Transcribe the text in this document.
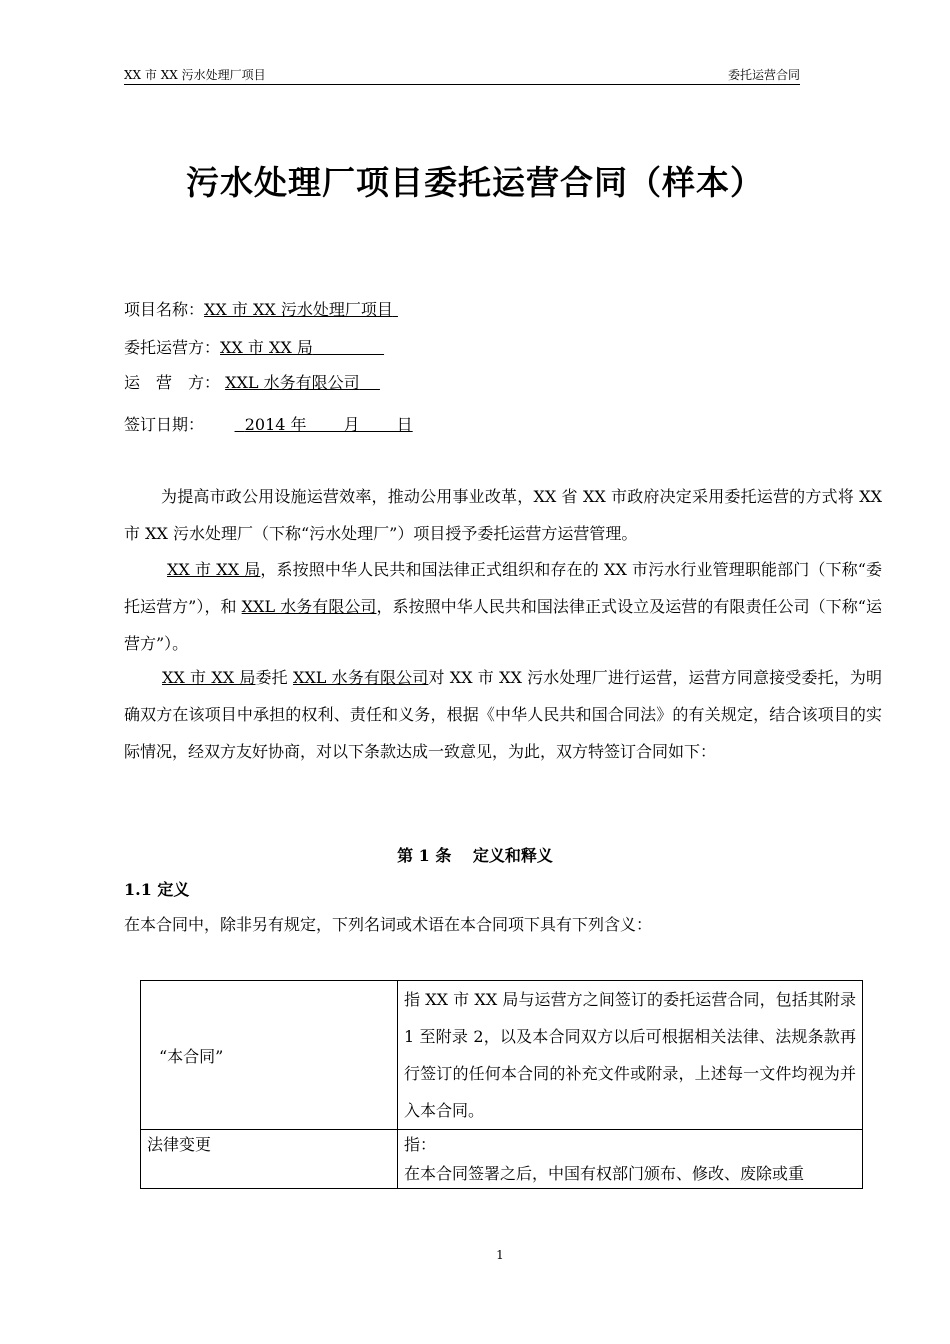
XX 市 XX 污水处理厂项目	委托运营合同
污水处理厂项目委托运营合同（样本）
项目名称：XX 市 XX 污水处理厂项目
委托运营方：XX 市 XX 局
运　营　方： XXL 水务有限公司
签订日期：	2014 年　　 月　　 日
为提高市政公用设施运营效率，推动公用事业改革，XX 省 XX 市政府决定采用委托运营的方式将 XX 市 XX 污水处理厂（下称“污水处理厂”）项目授予委托运营方运营管理。
XX 市 XX 局，系按照中华人民共和国法律正式组织和存在的 XX 市污水行业管理职能部门（下称“委托运营方”），和 XXL 水务有限公司，系按照中华人民共和国法律正式设立及运营的有限责任公司（下称“运营方”）。
XX 市 XX 局委托 XXL 水务有限公司对 XX 市 XX 污水处理厂进行运营，运营方同意接受委托，为明确双方在该项目中承担的权利、责任和义务，根据《中华人民共和国合同法》的有关规定，结合该项目的实际情况，经双方友好协商，对以下条款达成一致意见，为此，双方特签订合同如下：
第 1 条　 定义和释义
1.1 定义
在本合同中，除非另有规定，下列名词或术语在本合同项下具有下列含义：
“本合同”	指 XX 市 XX 局与运营方之间签订的委托运营合同，包括其附录 1 至附录 2，以及本合同双方以后可根据相关法律、法规条款再行签订的任何本合同的补充文件或附录，上述每一文件均视为并入本合同。
法律变更	指：
在本合同签署之后，中国有权部门颁布、修改、废除或重
1
